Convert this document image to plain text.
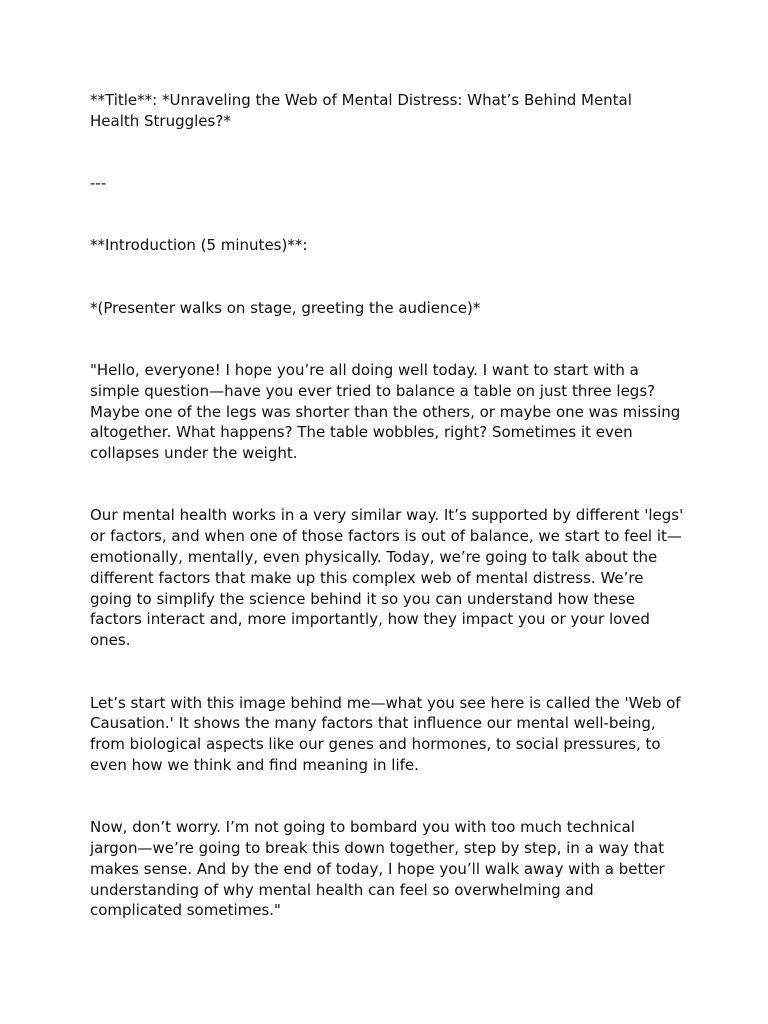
**Title**: *Unraveling the Web of Mental Distress: What’s Behind Mental Health Struggles?*

---

**Introduction (5 minutes)**:

*(Presenter walks on stage, greeting the audience)*

"Hello, everyone! I hope you’re all doing well today. I want to start with a simple question—have you ever tried to balance a table on just three legs? Maybe one of the legs was shorter than the others, or maybe one was missing altogether. What happens? The table wobbles, right? Sometimes it even collapses under the weight.

Our mental health works in a very similar way. It’s supported by different 'legs' or factors, and when one of those factors is out of balance, we start to feel it—emotionally, mentally, even physically. Today, we’re going to talk about the different factors that make up this complex web of mental distress. We’re going to simplify the science behind it so you can understand how these factors interact and, more importantly, how they impact you or your loved ones.

Let’s start with this image behind me—what you see here is called the 'Web of Causation.' It shows the many factors that influence our mental well-being, from biological aspects like our genes and hormones, to social pressures, to even how we think and find meaning in life.

Now, don’t worry. I’m not going to bombard you with too much technical jargon—we’re going to break this down together, step by step, in a way that makes sense. And by the end of today, I hope you’ll walk away with a better understanding of why mental health can feel so overwhelming and complicated sometimes."
